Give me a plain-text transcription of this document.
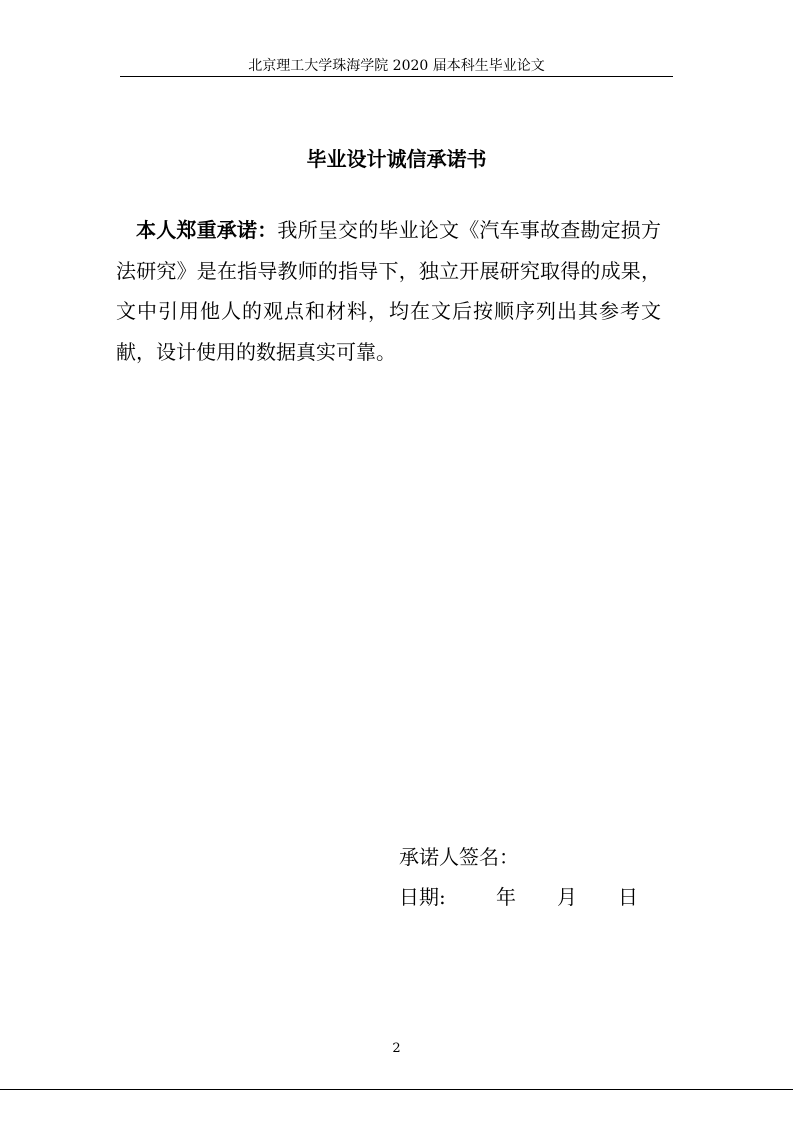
北京理工大学珠海学院 2020 届本科生毕业论文
毕业设计诚信承诺书

本人郑重承诺：我所呈交的毕业论文《汽车事故查勘定损方法研究》是在指导教师的指导下，独立开展研究取得的成果，文中引用他人的观点和材料，均在文后按顺序列出其参考文献，设计使用的数据真实可靠。

承诺人签名：
日期:	年 月 日
2
